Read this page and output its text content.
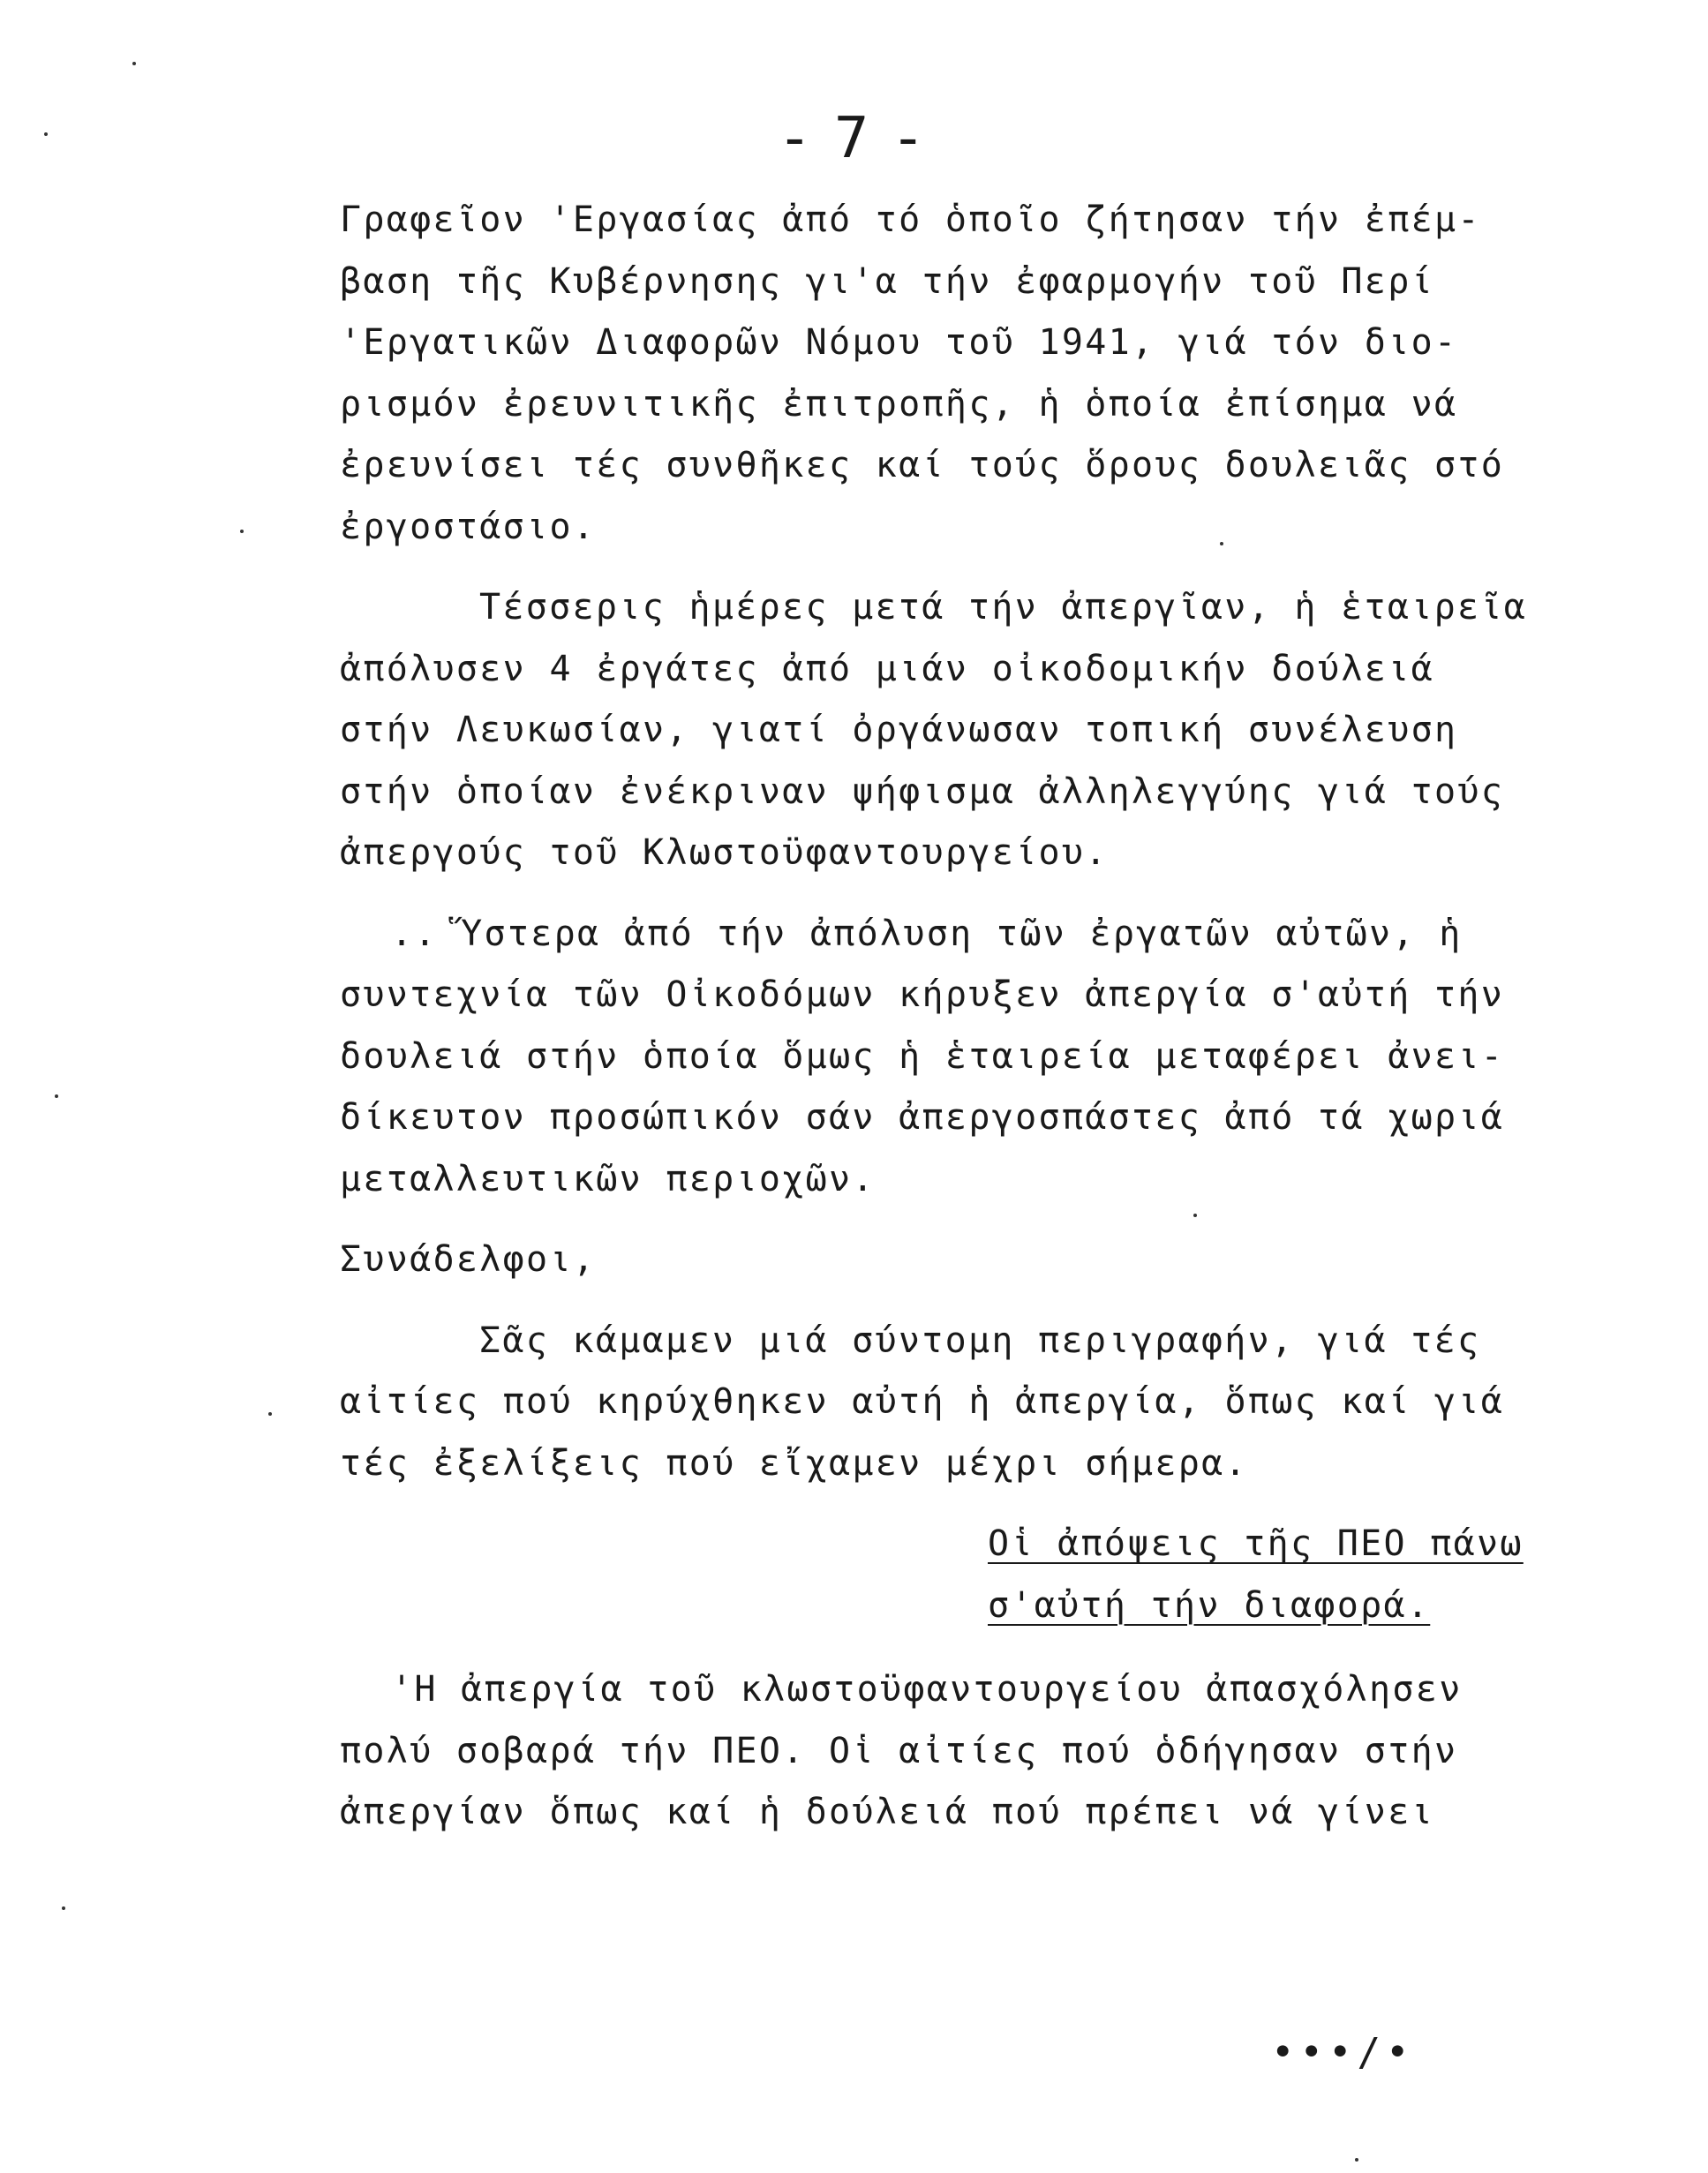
- 7 -
Γραφεῖον 'Εργασίας ἀπό τό ὁποῖο ζήτησαν τήν ἐπέμ-
βαση τῆς Κυβέρνησης γι'α τήν ἐφαρμογήν τοῦ Περί
'Εργατικῶν Διαφορῶν Νόμου τοῦ 1941, γιά τόν διο-
ρισμόν ἐρευνιτικῆς ἐπιτροπῆς, ἡ ὁποία ἐπίσημα νά
ἐρευνίσει τές συνθῆκες καί τούς ὅρους δουλειᾶς στό
ἐργοστάσιο.
Τέσσερις ἡμέρες μετά τήν ἀπεργῖαν, ἡ ἑταιρεῖα
ἀπόλυσεν 4 ἐργάτες ἀπό μιάν οἰκοδομικήν δούλειά
στήν Λευκωσίαν, γιατί ὀργάνωσαν τοπική συνέλευση
στήν ὁποίαν ἐνέκριναν ψήφισμα ἀλληλεγγύης γιά τούς
ἀπεργούς τοῦ Κλωστοϋφαντουργείου.
.. Ὕστερα ἀπό τήν ἀπόλυση τῶν ἐργατῶν αὐτῶν, ἡ
συντεχνία τῶν Οἰκοδόμων κήρυξεν ἀπεργία σ'αὐτή τήν
δουλειά στήν ὁποία ὅμως ἡ ἑταιρεία μεταφέρει ἀνει-
δίκευτον προσώπικόν σάν ἀπεργοσπάστες ἀπό τά χωριά
μεταλλευτικῶν περιοχῶν.
Συνάδελφοι,
Σᾶς κάμαμεν μιά σύντομη περιγραφήν, γιά τές
αἰτίες πού κηρύχθηκεν αὐτή ἡ ἀπεργία, ὅπως καί γιά
τές ἐξελίξεις πού εἴχαμεν μέχρι σήμερα.
Οἱ ἀπόψεις τῆς ΠΕΟ πάνω
σ'αὐτή τήν διαφορά.
'Η ἀπεργία τοῦ κλωστοϋφαντουργείου ἀπασχόλησεν
πολύ σοβαρά τήν ΠΕΟ. Οἱ αἰτίες πού ὁδήγησαν στήν
ἀπεργίαν ὅπως καί ἡ δούλειά πού πρέπει νά γίνει
•••/•
